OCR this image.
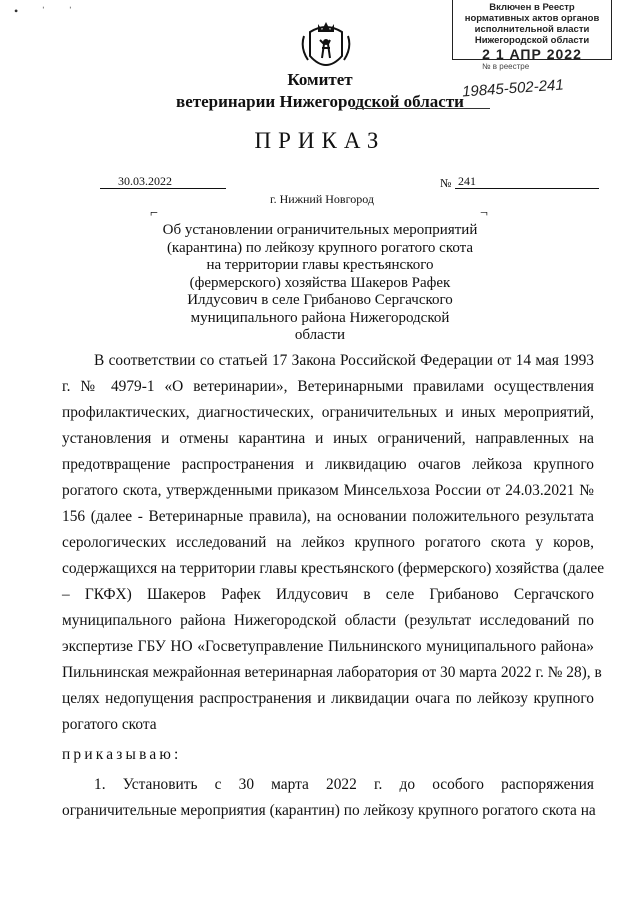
• ˈ ˈ	Включен в Реестр
нормативных актов органов
исполнительной власти
Нижегородской области
2 1 АПР 2022
№ в реестре
19845-502-241
Комитет
ветеринарии Нижегородской области
ПРИКАЗ
30.03.2022	№ 241
г. Нижний Новгород
⌐	¬
Об установлении ограничительных мероприятий
(карантина) по лейкозу крупного рогатого скота
на территории главы крестьянского
(фермерского) хозяйства Шакеров Рафек
Илдусович в селе Грибаново Сергачского
муниципального района Нижегородской
области
В соответствии со статьей 17 Закона Российской Федерации от 14 мая 1993
г. № 4979-1 «О ветеринарии», Ветеринарными правилами осуществления
профилактических, диагностических, ограничительных и иных мероприятий,
установления и отмены карантина и иных ограничений, направленных на
предотвращение распространения и ликвидацию очагов лейкоза крупного
рогатого скота, утвержденными приказом Минсельхоза России от 24.03.2021 №
156 (далее - Ветеринарные правила), на основании положительного результата
серологических исследований на лейкоз крупного рогатого скота у коров,
содержащихся на территории главы крестьянского (фермерского) хозяйства (далее
– ГКФХ) Шакеров Рафек Илдусович в селе Грибаново Сергачского
муниципального района Нижегородской области (результат исследований по
экспертизе ГБУ НО «Госветуправление Пильнинского муниципального района»
Пильнинская межрайонная ветеринарная лаборатория от 30 марта 2022 г. № 28), в
целях недопущения распространения и ликвидации очага по лейкозу крупного
рогатого скота
приказываю:
1. Установить с 30 марта 2022 г. до особого распоряжения
ограничительные мероприятия (карантин) по лейкозу крупного рогатого скота на
